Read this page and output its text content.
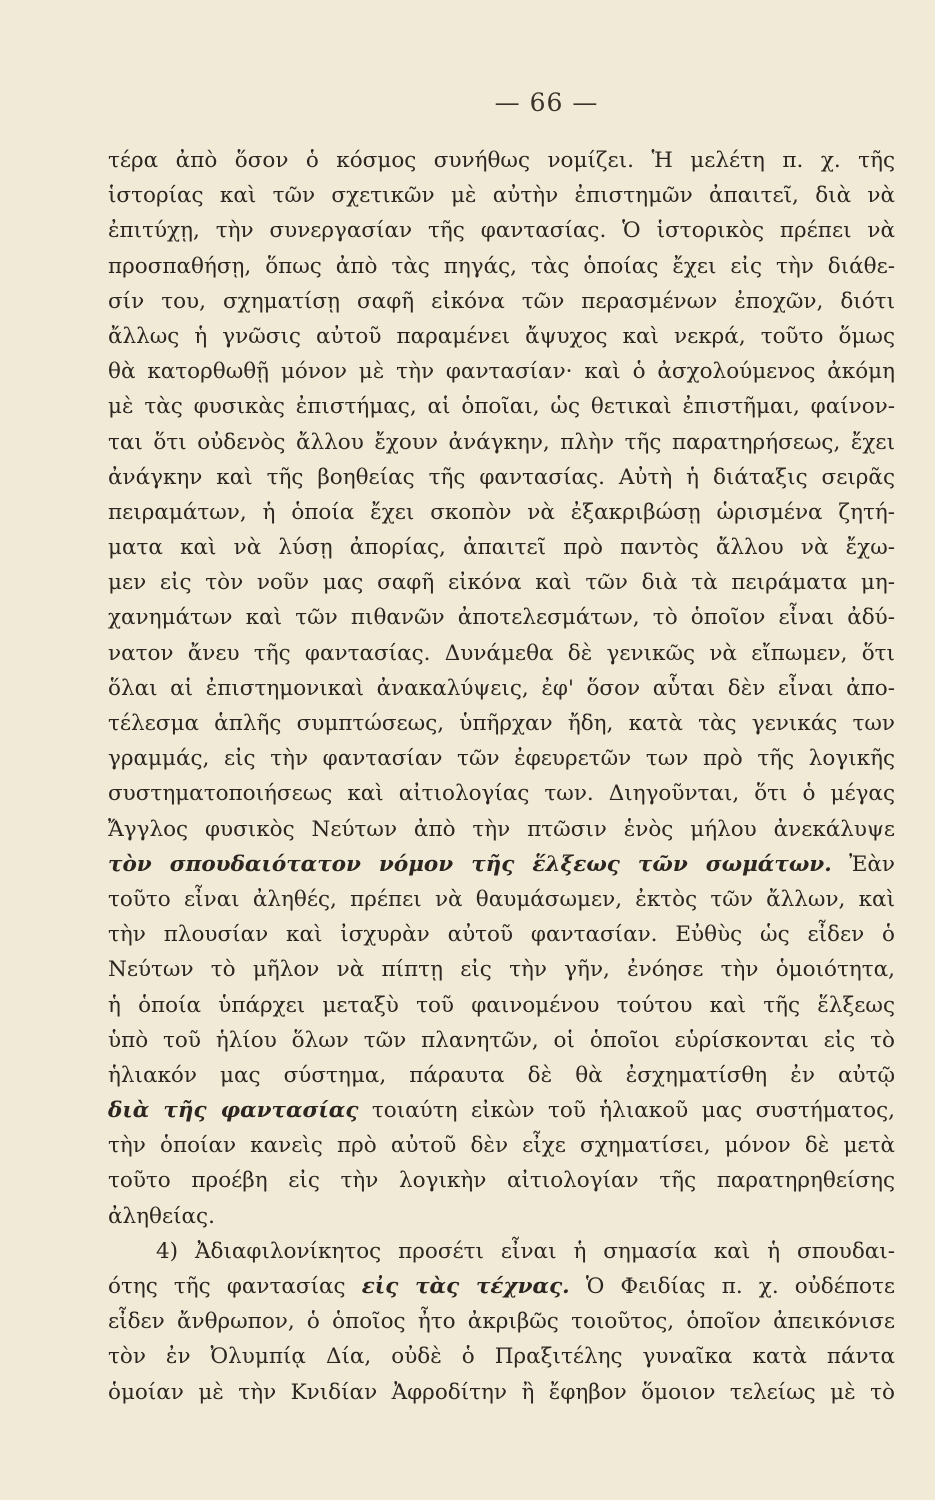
— 66 —
τέρα ἀπὸ ὅσον ὁ κόσμος συνήθως νομίζει. Ἡ μελέτη π. χ. τῆς
ἱστορίας καὶ τῶν σχετικῶν μὲ αὐτὴν ἐπιστημῶν ἀπαιτεῖ, διὰ νὰ
ἐπιτύχῃ, τὴν συνεργασίαν τῆς φαντασίας. Ὁ ἱστορικὸς πρέπει νὰ
προσπαθήσῃ, ὅπως ἀπὸ τὰς πηγάς, τὰς ὁποίας ἔχει εἰς τὴν διάθε-
σίν του, σχηματίσῃ σαφῆ εἰκόνα τῶν περασμένων ἐποχῶν, διότι
ἄλλως ἡ γνῶσις αὐτοῦ παραμένει ἄψυχος καὶ νεκρά, τοῦτο ὅμως
θὰ κατορθωθῇ μόνον μὲ τὴν φαντασίαν· καὶ ὁ ἀσχολούμενος ἀκόμη
μὲ τὰς φυσικὰς ἐπιστήμας, αἱ ὁποῖαι, ὡς θετικαὶ ἐπιστῆμαι, φαίνον-
ται ὅτι οὐδενὸς ἄλλου ἔχουν ἀνάγκην, πλὴν τῆς παρατηρήσεως, ἔχει
ἀνάγκην καὶ τῆς βοηθείας τῆς φαντασίας. Αὐτὴ ἡ διάταξις σειρᾶς
πειραμάτων, ἡ ὁποία ἔχει σκοπὸν νὰ ἐξακριβώσῃ ὡρισμένα ζητή-
ματα καὶ νὰ λύσῃ ἀπορίας, ἀπαιτεῖ πρὸ παντὸς ἄλλου νὰ ἔχω-
μεν εἰς τὸν νοῦν μας σαφῆ εἰκόνα καὶ τῶν διὰ τὰ πειράματα μη-
χανημάτων καὶ τῶν πιθανῶν ἀποτελεσμάτων, τὸ ὁποῖον εἶναι ἀδύ-
νατον ἄνευ τῆς φαντασίας. Δυνάμεθα δὲ γενικῶς νὰ εἴπωμεν, ὅτι
ὅλαι αἱ ἐπιστημονικαὶ ἀνακαλύψεις, ἐφ' ὅσον αὗται δὲν εἶναι ἀπο-
τέλεσμα ἁπλῆς συμπτώσεως, ὑπῆρχαν ἤδη, κατὰ τὰς γενικάς των
γραμμάς, εἰς τὴν φαντασίαν τῶν ἐφευρετῶν των πρὸ τῆς λογικῆς
συστηματοποιήσεως καὶ αἰτιολογίας των. Διηγοῦνται, ὅτι ὁ μέγας
Ἄγγλος φυσικὸς Νεύτων ἀπὸ τὴν πτῶσιν ἑνὸς μήλου ἀνεκάλυψε
τὸν σπουδαιότατον νόμον τῆς ἕλξεως τῶν σωμάτων. Ἐὰν
τοῦτο εἶναι ἀληθές, πρέπει νὰ θαυμάσωμεν, ἐκτὸς τῶν ἄλλων, καὶ
τὴν πλουσίαν καὶ ἰσχυρὰν αὐτοῦ φαντασίαν. Εὐθὺς ὡς εἶδεν ὁ
Νεύτων τὸ μῆλον νὰ πίπτῃ εἰς τὴν γῆν, ἐνόησε τὴν ὁμοιότητα,
ἡ ὁποία ὑπάρχει μεταξὺ τοῦ φαινομένου τούτου καὶ τῆς ἕλξεως
ὑπὸ τοῦ ἡλίου ὅλων τῶν πλανητῶν, οἱ ὁποῖοι εὑρίσκονται εἰς τὸ
ἡλιακόν μας σύστημα, πάραυτα δὲ θὰ ἐσχηματίσθη ἐν αὐτῷ
διὰ τῆς φαντασίας τοιαύτη εἰκὼν τοῦ ἡλιακοῦ μας συστήματος,
τὴν ὁποίαν κανεὶς πρὸ αὐτοῦ δὲν εἶχε σχηματίσει, μόνον δὲ μετὰ
τοῦτο προέβη εἰς τὴν λογικὴν αἰτιολογίαν τῆς παρατηρηθείσης
ἀληθείας.
4) Ἀδιαφιλονίκητος προσέτι εἶναι ἡ σημασία καὶ ἡ σπουδαι-
ότης τῆς φαντασίας εἰς τὰς τέχνας. Ὁ Φειδίας π. χ. οὐδέποτε
εἶδεν ἄνθρωπον, ὁ ὁποῖος ἦτο ἀκριβῶς τοιοῦτος, ὁποῖον ἀπεικόνισε
τὸν ἐν Ὀλυμπίᾳ Δία, οὐδὲ ὁ Πραξιτέλης γυναῖκα κατὰ πάντα
ὁμοίαν μὲ τὴν Κνιδίαν Ἀφροδίτην ἢ ἔφηβον ὅμοιον τελείως μὲ τὸ
